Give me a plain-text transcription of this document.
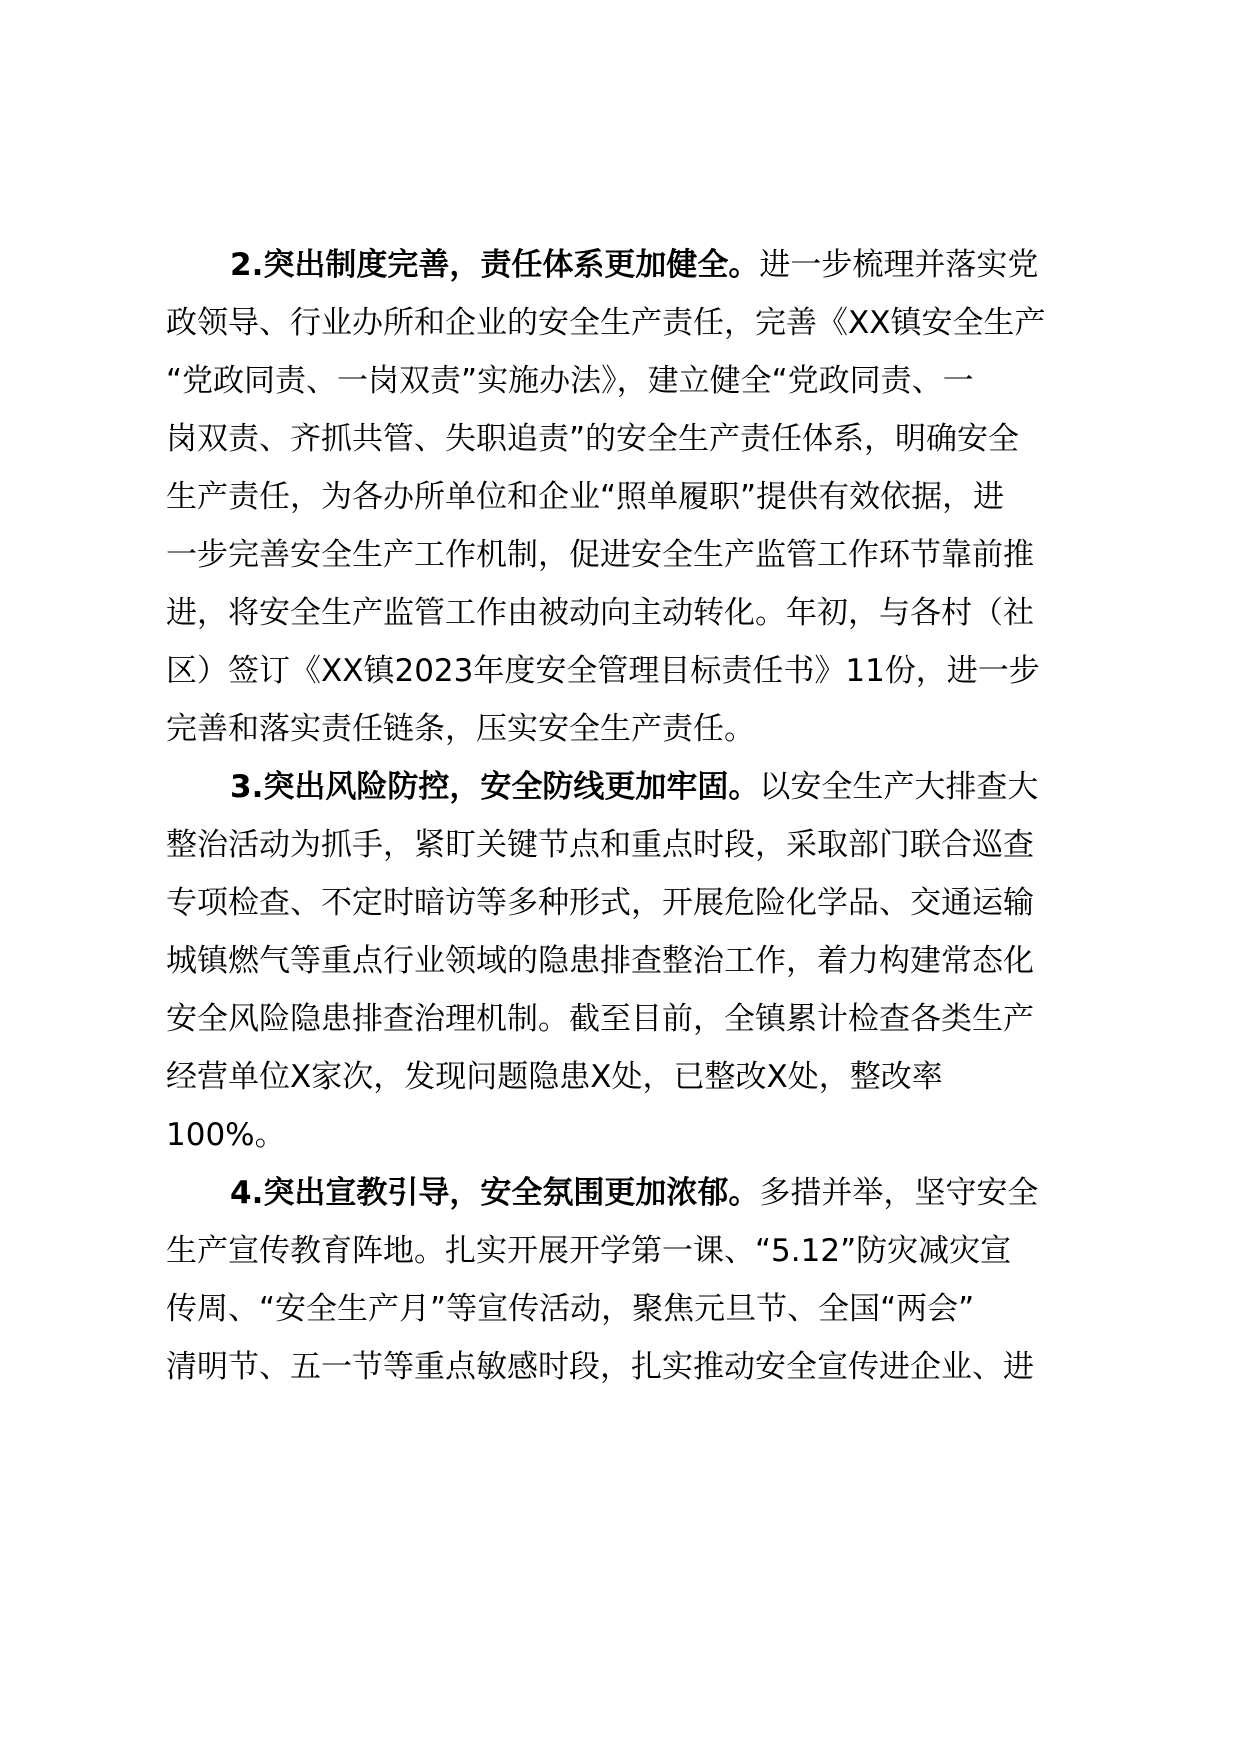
2.突出制度完善，责任体系更加健全。进一步梳理并落实党
政领导、行业办所和企业的安全生产责任，完善《XX镇安全生产
“党政同责、一岗双责”实施办法》，建立健全“党政同责、一
岗双责、齐抓共管、失职追责”的安全生产责任体系，明确安全
生产责任，为各办所单位和企业“照单履职”提供有效依据，进
一步完善安全生产工作机制，促进安全生产监管工作环节靠前推
进，将安全生产监管工作由被动向主动转化。年初，与各村（社
区）签订《XX镇2023年度安全管理目标责任书》11份，进一步
完善和落实责任链条，压实安全生产责任。
3.突出风险防控，安全防线更加牢固。以安全生产大排查大
整治活动为抓手，紧盯关键节点和重点时段，采取部门联合巡查
专项检查、不定时暗访等多种形式，开展危险化学品、交通运输
城镇燃气等重点行业领域的隐患排查整治工作，着力构建常态化
安全风险隐患排查治理机制。截至目前，全镇累计检查各类生产
经营单位X家次，发现问题隐患X处，已整改X处，整改率
100%。
4.突出宣教引导，安全氛围更加浓郁。多措并举，坚守安全
生产宣传教育阵地。扎实开展开学第一课、“5.12”防灾减灾宣
传周、“安全生产月”等宣传活动，聚焦元旦节、全国“两会”
清明节、五一节等重点敏感时段，扎实推动安全宣传进企业、进
